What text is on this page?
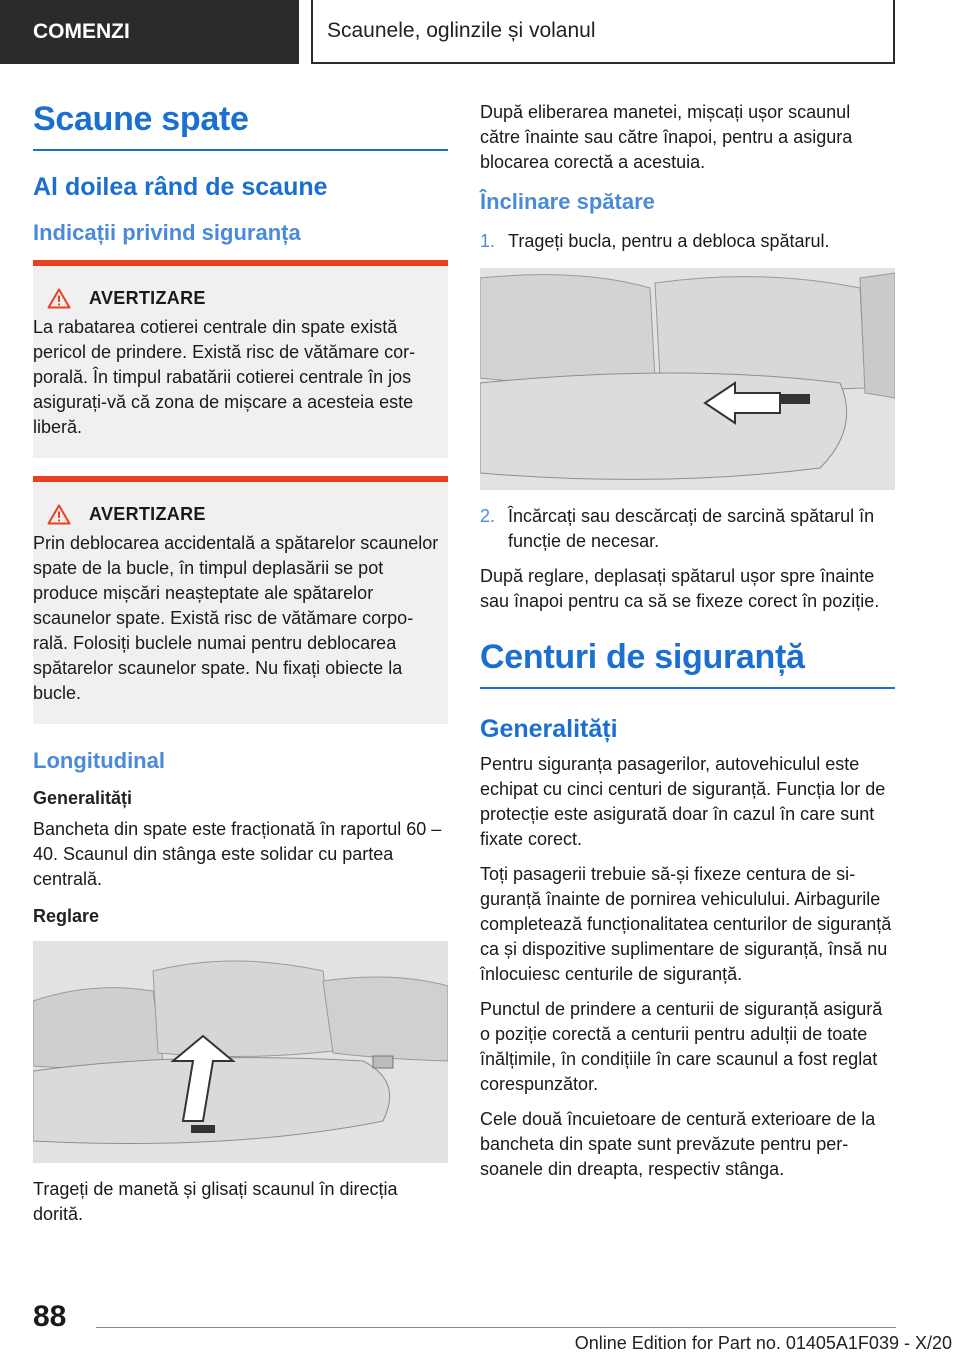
COMENZI	Scaunele, oglinzile și volanul
Scaune spate
Al doilea rând de scaune
Indicații privind siguranța
AVERTIZARE

La rabatarea cotierei centrale din spate există pericol de prindere. Există risc de vătămare corporală. În timpul rabatării cotierei centrale în jos asigurați-vă că zona de mișcare a acesteia este liberă.

AVERTIZARE

Prin deblocarea accidentală a spătarelor scaunelor spate de la bucle, în timpul deplasării se pot produce mișcări neașteptate ale spătarelor scaunelor spate. Există risc de vătămare corporală. Folosiți buclele numai pentru deblocarea spătarelor scaunelor spate. Nu fixați obiecte la bucle.

Longitudinal
Generalități

Bancheta din spate este fracționată în raportul 60 – 40. Scaunul din stânga este solidar cu partea centrală.

Reglare

Trageți de manetă și glisați scaunul în direcția dorită.

După eliberarea manetei, mișcați ușor scaunul către înainte sau către înapoi, pentru a asigura blocarea corectă a acestuia.

Înclinare spătare
1. Trageți bucla, pentru a debloca spătarul.
2. Încărcați sau descărcați de sarcină spătarul în funcție de necesar.

După reglare, deplasați spătarul ușor spre înainte sau înapoi pentru ca să se fixeze corect în poziție.

Centuri de siguranță
Generalități

Pentru siguranța pasagerilor, autovehiculul este echipat cu cinci centuri de siguranță. Funcția lor de protecție este asigurată doar în cazul în care sunt fixate corect.

Toți pasagerii trebuie să-și fixeze centura de siguranță înainte de pornirea vehiculului. Airbagurile completează funcționalitatea centurilor de siguranță ca și dispozitive suplimentare de siguranță, însă nu înlocuiesc centurile de siguranță.

Punctul de prindere a centurii de siguranță asigură o poziție corectă a centurii pentru adulții de toate înălțimile, în condițiile în care scaunul a fost reglat corespunzător.

Cele două încuietoare de centură exterioare de la bancheta din spate sunt prevăzute pentru persoanele din dreapta, respectiv stânga.

88
Online Edition for Part no. 01405A1F039 - X/20
